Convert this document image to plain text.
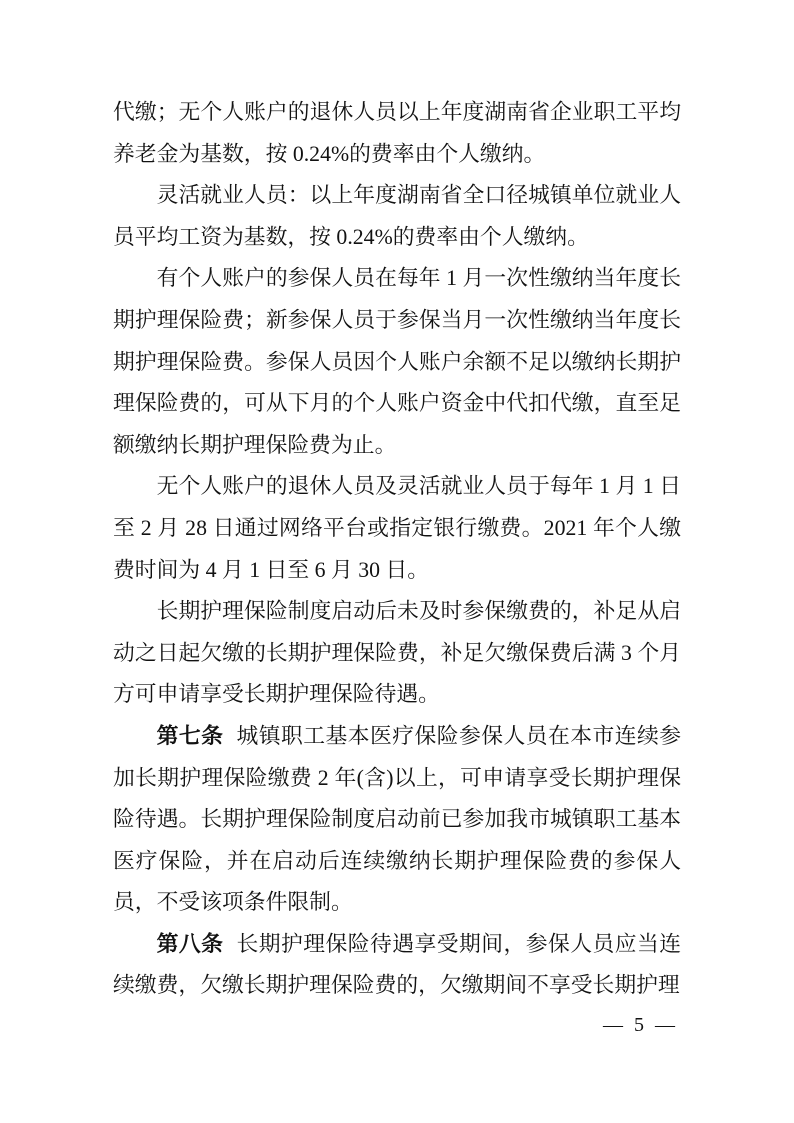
代缴；无个人账户的退休人员以上年度湖南省企业职工平均养老金为基数，按 0.24%的费率由个人缴纳。

灵活就业人员：以上年度湖南省全口径城镇单位就业人员平均工资为基数，按 0.24%的费率由个人缴纳。

有个人账户的参保人员在每年 1 月一次性缴纳当年度长期护理保险费；新参保人员于参保当月一次性缴纳当年度长期护理保险费。参保人员因个人账户余额不足以缴纳长期护理保险费的，可从下月的个人账户资金中代扣代缴，直至足额缴纳长期护理保险费为止。

无个人账户的退休人员及灵活就业人员于每年 1 月 1 日至 2 月 28 日通过网络平台或指定银行缴费。2021 年个人缴费时间为 4 月 1 日至 6 月 30 日。

长期护理保险制度启动后未及时参保缴费的，补足从启动之日起欠缴的长期护理保险费，补足欠缴保费后满 3 个月方可申请享受长期护理保险待遇。

第七条 城镇职工基本医疗保险参保人员在本市连续参加长期护理保险缴费 2 年(含)以上，可申请享受长期护理保险待遇。长期护理保险制度启动前已参加我市城镇职工基本医疗保险，并在启动后连续缴纳长期护理保险费的参保人员，不受该项条件限制。

第八条 长期护理保险待遇享受期间，参保人员应当连续缴费，欠缴长期护理保险费的，欠缴期间不享受长期护理

— 5 —
